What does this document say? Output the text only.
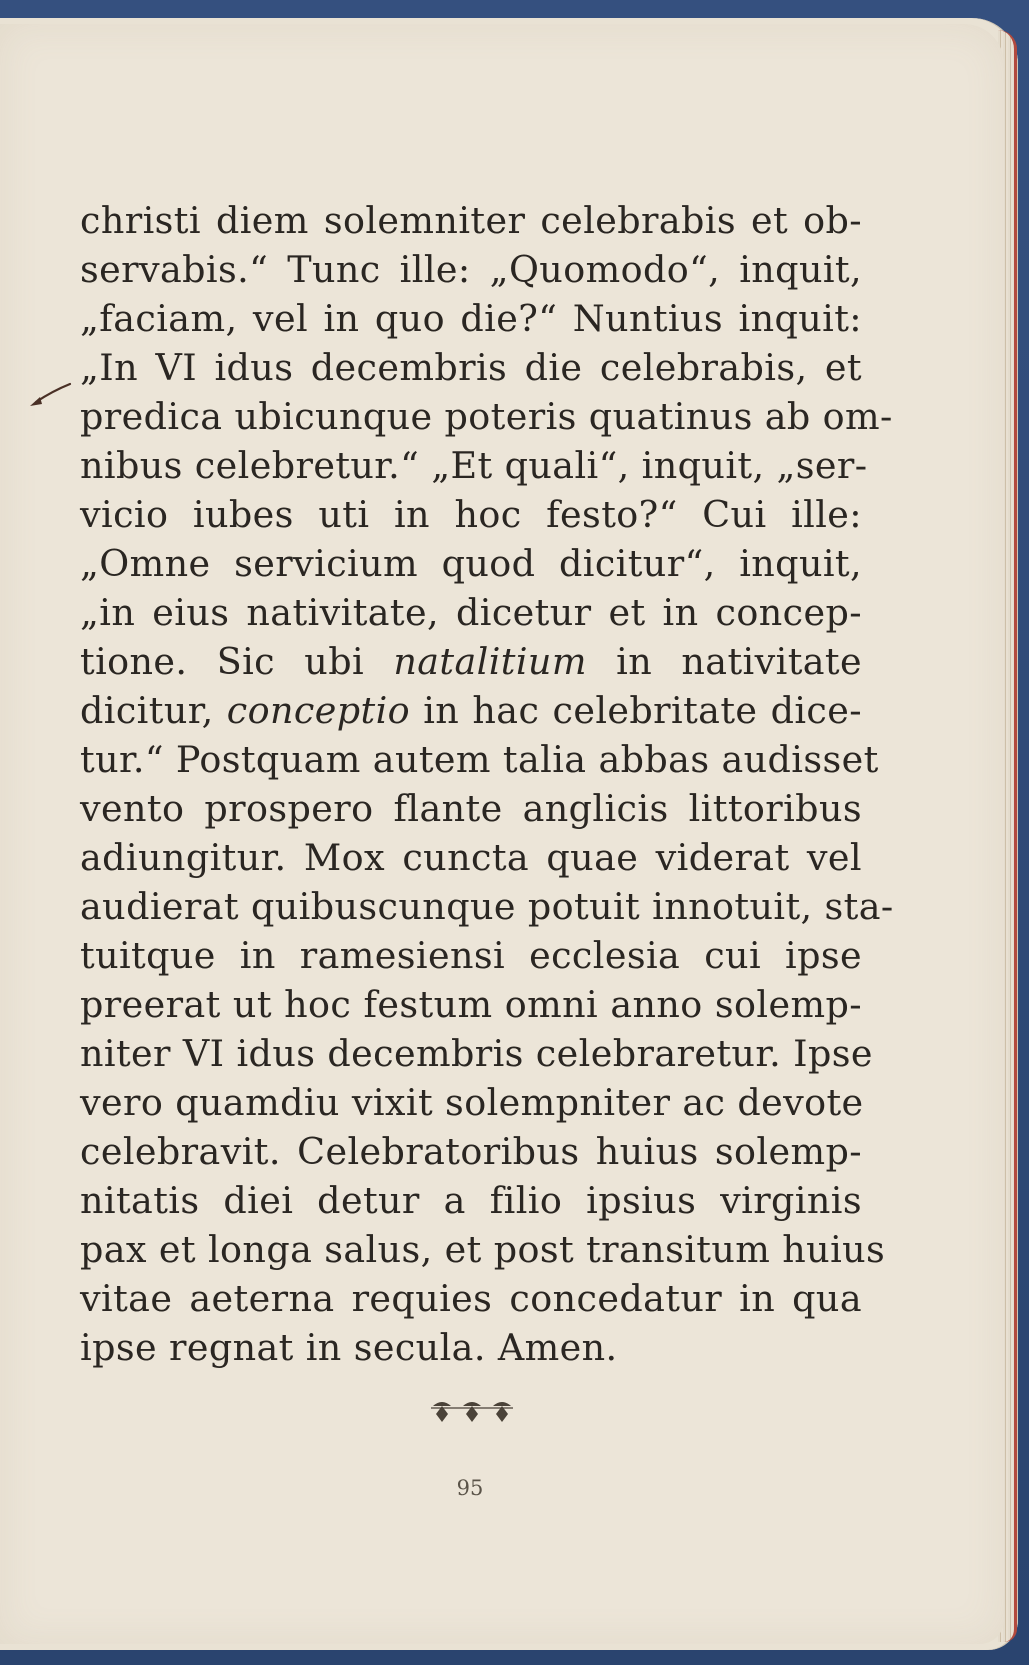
christi diem solemniter celebrabis et ob-
servabis.“ Tunc ille: „Quomodo“, inquit,
„faciam, vel in quo die?“ Nuntius inquit:
„In VI idus decembris die celebrabis, et
predica ubicunque poteris quatinus ab om-
nibus celebretur.“ „Et quali“, inquit, „ser-
vicio iubes uti in hoc festo?“ Cui ille:
„Omne servicium quod dicitur“, inquit,
„in eius nativitate, dicetur et in concep-
tione. Sic ubi natalitium in nativitate
dicitur, conceptio in hac celebritate dice-
tur.“ Postquam autem talia abbas audisset
vento prospero flante anglicis littoribus
adiungitur. Mox cuncta quae viderat vel
audierat quibuscunque potuit innotuit, sta-
tuitque in ramesiensi ecclesia cui ipse
preerat ut hoc festum omni anno solemp-
niter VI idus decembris celebraretur. Ipse
vero quamdiu vixit solempniter ac devote
celebravit. Celebratoribus huius solemp-
nitatis diei detur a filio ipsius virginis
pax et longa salus, et post transitum huius
vitae aeterna requies concedatur in qua
ipse regnat in secula. Amen.
95
